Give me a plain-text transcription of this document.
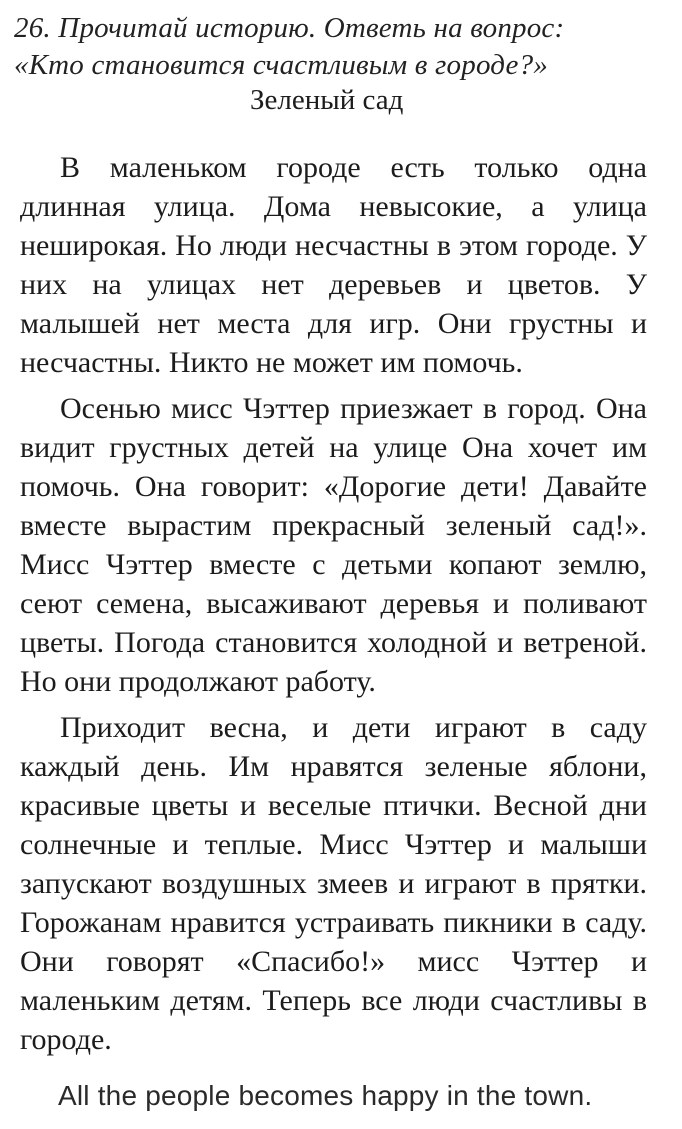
26. Прочитай историю. Ответь на вопрос:
«Кто становится счастливым в городе?»
Зеленый сад

В маленьком городе есть только одна длинная улица. Дома невысокие, а улица неширокая. Но люди несчастны в этом городе. У них на улицах нет деревьев и цветов. У малышей нет места для игр. Они грустны и несчастны. Никто не может им помочь.

Осенью мисс Чэттер приезжает в город. Она видит грустных детей на улице Она хочет им помочь. Она говорит: «Дорогие дети! Давайте вместе вырастим прекрасный зеленый сад!». Мисс Чэттер вместе с детьми копают землю, сеют семена, высаживают деревья и поливают цветы. Погода становится холодной и ветреной. Но они продолжают работу.

Приходит весна, и дети играют в саду каждый день. Им нравятся зеленые яблони, красивые цветы и веселые птички. Весной дни солнечные и теплые. Мисс Чэттер и малыши запускают воздушных змеев и играют в прятки. Горожанам нравится устраивать пикники в саду. Они говорят «Спасибо!» мисс Чэттер и маленьким детям. Теперь все люди счастливы в городе.

All the people becomes happy in the town.
